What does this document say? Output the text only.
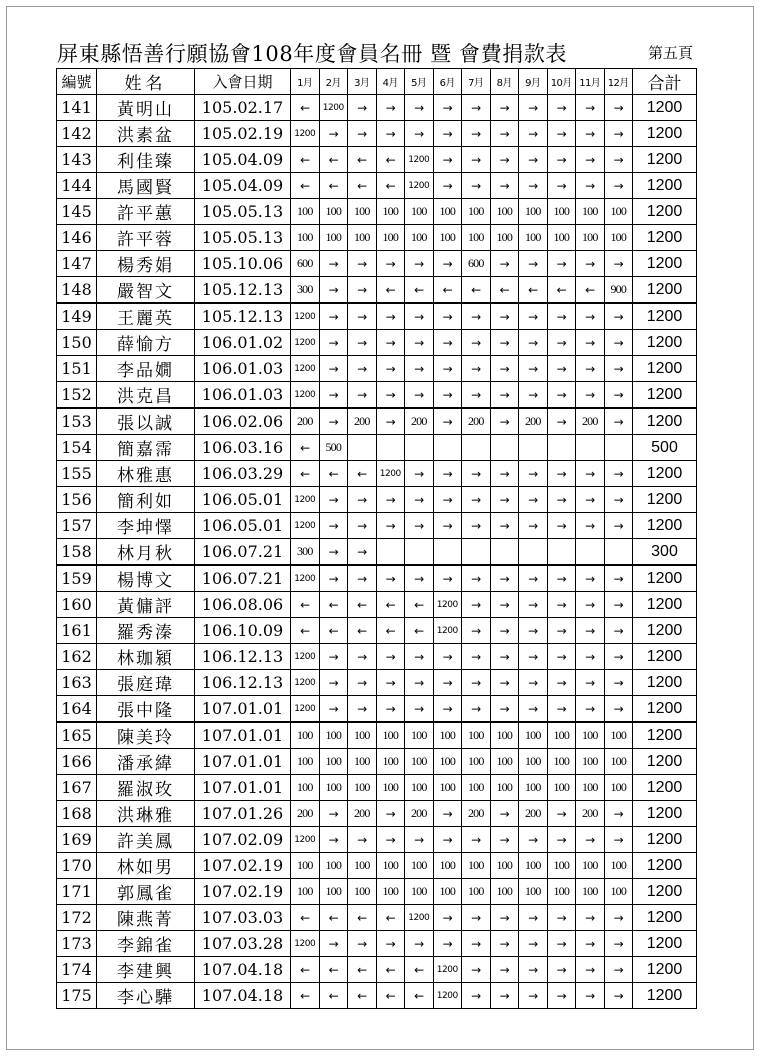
屏東縣悟善行願協會108年度會員名冊 暨 會費捐款表	第五頁
編號	姓名	入會日期	1月	2月	3月	4月	5月	6月	7月	8月	9月	10月	11月	12月	合計
141	黃明山	105.02.17	←	1200	→	→	→	→	→	→	→	→	→	→	1200
142	洪素盆	105.02.19	1200	→	→	→	→	→	→	→	→	→	→	→	1200
143	利佳臻	105.04.09	←	←	←	←	1200	→	→	→	→	→	→	→	1200
144	馬國賢	105.04.09	←	←	←	←	1200	→	→	→	→	→	→	→	1200
145	許平蕙	105.05.13	100	100	100	100	100	100	100	100	100	100	100	100	1200
146	許平蓉	105.05.13	100	100	100	100	100	100	100	100	100	100	100	100	1200
147	楊秀娟	105.10.06	600	→	→	→	→	→	600	→	→	→	→	→	1200
148	嚴智文	105.12.13	300	→	→	←	←	←	←	←	←	←	←	900	1200
149	王麗英	105.12.13	1200	→	→	→	→	→	→	→	→	→	→	→	1200
150	薛愉方	106.01.02	1200	→	→	→	→	→	→	→	→	→	→	→	1200
151	李品嫺	106.01.03	1200	→	→	→	→	→	→	→	→	→	→	→	1200
152	洪克昌	106.01.03	1200	→	→	→	→	→	→	→	→	→	→	→	1200
153	張以誠	106.02.06	200	→	200	→	200	→	200	→	200	→	200	→	1200
154	簡嘉霈	106.03.16	←	500											500
155	林雅惠	106.03.29	←	←	←	1200	→	→	→	→	→	→	→	→	1200
156	簡利如	106.05.01	1200	→	→	→	→	→	→	→	→	→	→	→	1200
157	李坤懌	106.05.01	1200	→	→	→	→	→	→	→	→	→	→	→	1200
158	林月秋	106.07.21	300	→	→										300
159	楊博文	106.07.21	1200	→	→	→	→	→	→	→	→	→	→	→	1200
160	黃傭評	106.08.06	←	←	←	←	←	1200	→	→	→	→	→	→	1200
161	羅秀溱	106.10.09	←	←	←	←	←	1200	→	→	→	→	→	→	1200
162	林珈潁	106.12.13	1200	→	→	→	→	→	→	→	→	→	→	→	1200
163	張庭瑋	106.12.13	1200	→	→	→	→	→	→	→	→	→	→	→	1200
164	張中隆	107.01.01	1200	→	→	→	→	→	→	→	→	→	→	→	1200
165	陳美玲	107.01.01	100	100	100	100	100	100	100	100	100	100	100	100	1200
166	潘承緯	107.01.01	100	100	100	100	100	100	100	100	100	100	100	100	1200
167	羅淑玫	107.01.01	100	100	100	100	100	100	100	100	100	100	100	100	1200
168	洪琳雅	107.01.26	200	→	200	→	200	→	200	→	200	→	200	→	1200
169	許美鳳	107.02.09	1200	→	→	→	→	→	→	→	→	→	→	→	1200
170	林如男	107.02.19	100	100	100	100	100	100	100	100	100	100	100	100	1200
171	郭鳳雀	107.02.19	100	100	100	100	100	100	100	100	100	100	100	100	1200
172	陳燕菁	107.03.03	←	←	←	←	1200	→	→	→	→	→	→	→	1200
173	李錦雀	107.03.28	1200	→	→	→	→	→	→	→	→	→	→	→	1200
174	李建興	107.04.18	←	←	←	←	←	1200	→	→	→	→	→	→	1200
175	李心驊	107.04.18	←	←	←	←	←	1200	→	→	→	→	→	→	1200
